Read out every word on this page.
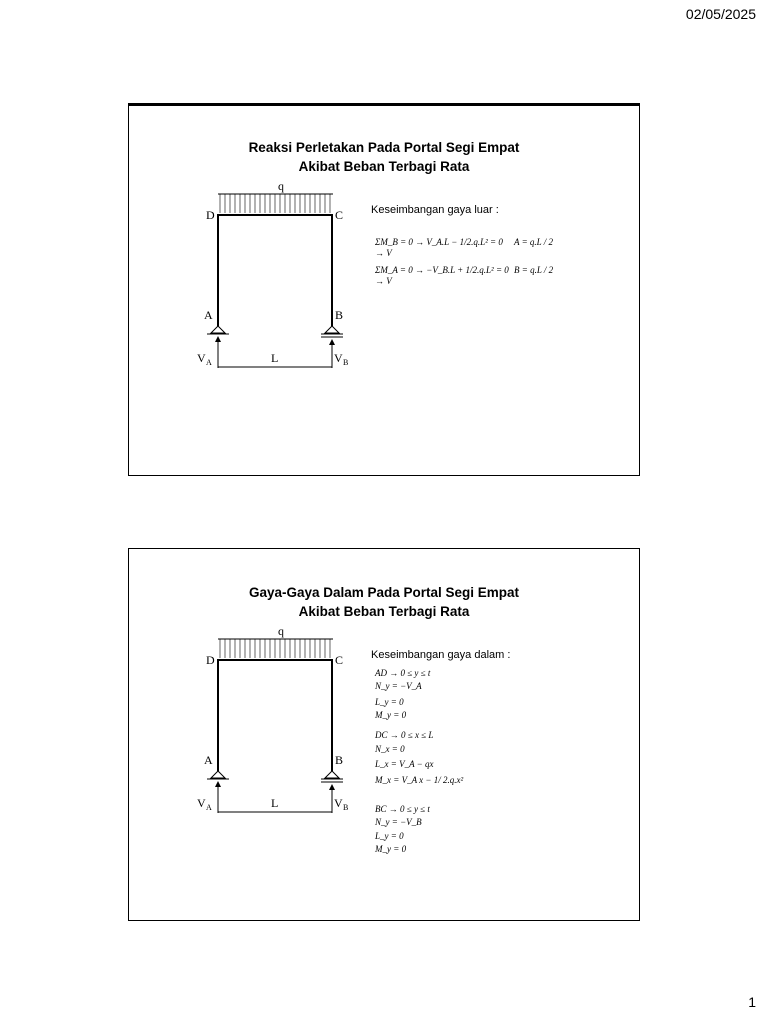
02/05/2025
Reaksi Perletakan Pada Portal Segi Empat
Akibat Beban Terbagi Rata
q
D	C
A	B
V A	V B
L
Keseimbangan gaya luar :
ΣM_B = 0 → V_A.L − 1/2.q.L² = 0
→ V
A = q.L / 2
ΣM_A = 0 → −V_B.L + 1/2.q.L² = 0
→ V
B = q.L / 2
Gaya-Gaya Dalam Pada Portal Segi Empat
Akibat Beban Terbagi Rata
q
D	C
A	B
V A	V B
L
Keseimbangan gaya dalam :
AD → 0 ≤ y ≤ t
N_y = −V_A
L_y = 0
M_y = 0
DC → 0 ≤ x ≤ L
N_x = 0
L_x = V_A − qx
M_x = V_A x − 1/ 2.q.x²
BC → 0 ≤ y ≤ t
N_y = −V_B
L_y = 0
M_y = 0
1
